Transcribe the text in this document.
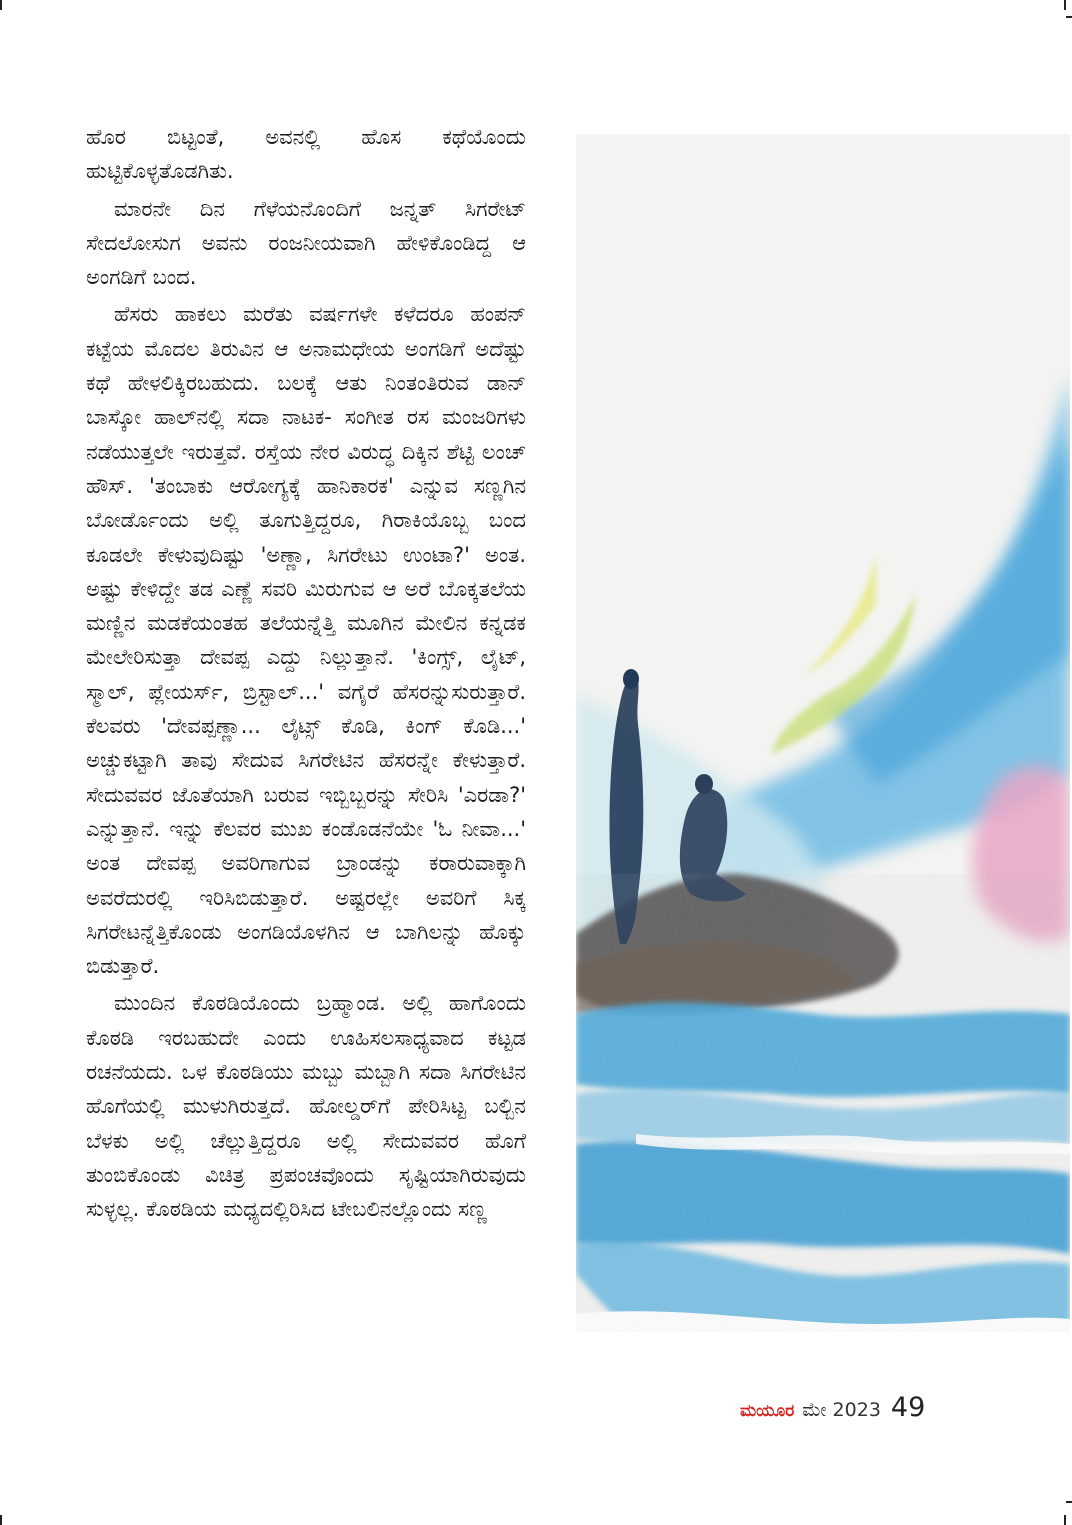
ಹೊರ ಬಿಟ್ಟಂತೆ, ಅವನಲ್ಲಿ ಹೊಸ ಕಥೆಯೊಂದು ಹುಟ್ಟಿಕೊಳ್ಳತೊಡಗಿತು.

ಮಾರನೇ ದಿನ ಗೆಳೆಯನೊಂದಿಗೆ ಜನ್ನತ್ ಸಿಗರೇಟ್ ಸೇದಲೋಸುಗ ಅವನು ರಂಜನೀಯವಾಗಿ ಹೇಳಿಕೊಂಡಿದ್ದ ಆ ಅಂಗಡಿಗೆ ಬಂದ.

ಹೆಸರು ಹಾಕಲು ಮರೆತು ವರ್ಷಗಳೇ ಕಳೆದರೂ ಹಂಪನ್ ಕಟ್ಟೆಯ ಮೊದಲ ತಿರುವಿನ ಆ ಅನಾಮಧೇಯ ಅಂಗಡಿಗೆ ಅದೆಷ್ಟು ಕಥೆ ಹೇಳಲಿಕ್ಕಿರಬಹುದು. ಬಲಕ್ಕೆ ಆತು ನಿಂತಂತಿರುವ ಡಾನ್ ಬಾಸ್ಕೋ ಹಾಲ್‌ನಲ್ಲಿ ಸದಾ ನಾಟಕ- ಸಂಗೀತ ರಸ ಮಂಜರಿಗಳು ನಡೆಯುತ್ತಲೇ ಇರುತ್ತವೆ. ರಸ್ತೆಯ ನೇರ ವಿರುದ್ಧ ದಿಕ್ಕಿನ ಶೆಟ್ಟಿ ಲಂಚ್ ಹೌಸ್. 'ತಂಬಾಕು ಆರೋಗ್ಯಕ್ಕೆ ಹಾನಿಕಾರಕ' ಎನ್ನುವ ಸಣ್ಣಗಿನ ಬೋರ್ಡೊಂದು ಅಲ್ಲಿ ತೂಗುತ್ತಿದ್ದರೂ, ಗಿರಾಕಿಯೊಬ್ಬ ಬಂದ ಕೂಡಲೇ ಕೇಳುವುದಿಷ್ಟು 'ಅಣ್ಣಾ, ಸಿಗರೇಟು ಉಂಟಾ?' ಅಂತ. ಅಷ್ಟು ಕೇಳಿದ್ದೇ ತಡ ಎಣ್ಣೆ ಸವರಿ ಮಿರುಗುವ ಆ ಅರೆ ಬೊಕ್ಕತಲೆಯ ಮಣ್ಣಿನ ಮಡಕೆಯಂತಹ ತಲೆಯನ್ನೆತ್ತಿ ಮೂಗಿನ ಮೇಲಿನ ಕನ್ನಡಕ ಮೇಲೇರಿಸುತ್ತಾ ದೇವಪ್ಪ ಎದ್ದು ನಿಲ್ಲುತ್ತಾನೆ. 'ಕಿಂಗ್ಸ್, ಲೈಟ್, ಸ್ಮಾಲ್, ಪ್ಲೇಯರ್ಸ್, ಬ್ರಿಸ್ಟಾಲ್...' ವಗೈರೆ ಹೆಸರನ್ನುಸುರುತ್ತಾರೆ. ಕೆಲವರು 'ದೇವಪ್ಪಣ್ಣಾ... ಲೈಟ್ಸ್ ಕೊಡಿ, ಕಿಂಗ್ ಕೊಡಿ...' ಅಚ್ಚುಕಟ್ಟಾಗಿ ತಾವು ಸೇದುವ ಸಿಗರೇಟಿನ ಹೆಸರನ್ನೇ ಕೇಳುತ್ತಾರೆ. ಸೇದುವವರ ಜೊತೆಯಾಗಿ ಬರುವ ಇಬ್ಬಿಬ್ಬರನ್ನು ಸೇರಿಸಿ 'ಎರಡಾ?' ಎನ್ನುತ್ತಾನೆ. ಇನ್ನು ಕೆಲವರ ಮುಖ ಕಂಡೊಡನೆಯೇ 'ಓ ನೀವಾ...' ಅಂತ ದೇವಪ್ಪ ಅವರಿಗಾಗುವ ಬ್ರಾಂಡನ್ನು ಕರಾರುವಾಕ್ಕಾಗಿ ಅವರೆದುರಲ್ಲಿ ಇರಿಸಿಬಿಡುತ್ತಾರೆ. ಅಷ್ಟರಲ್ಲೇ ಅವರಿಗೆ ಸಿಕ್ಕ ಸಿಗರೇಟನ್ನೆತ್ತಿಕೊಂಡು ಅಂಗಡಿಯೊಳಗಿನ ಆ ಬಾಗಿಲನ್ನು ಹೊಕ್ಕು ಬಿಡುತ್ತಾರೆ.

ಮುಂದಿನ ಕೊಠಡಿಯೊಂದು ಬ್ರಹ್ಮಾಂಡ. ಅಲ್ಲಿ ಹಾಗೊಂದು ಕೊಠಡಿ ಇರಬಹುದೇ ಎಂದು ಊಹಿಸಲಸಾಧ್ಯವಾದ ಕಟ್ಟಡ ರಚನೆಯದು. ಒಳ ಕೊಠಡಿಯು ಮಬ್ಬು ಮಬ್ಬಾಗಿ ಸದಾ ಸಿಗರೇಟಿನ ಹೊಗೆಯಲ್ಲಿ ಮುಳುಗಿರುತ್ತದೆ. ಹೋಲ್ಡರ್‌ಗೆ ಪೇರಿಸಿಟ್ಟ ಬಲ್ಬಿನ ಬೆಳಕು ಅಲ್ಲಿ ಚೆಲ್ಲುತ್ತಿದ್ದರೂ ಅಲ್ಲಿ ಸೇದುವವರ ಹೊಗೆ ತುಂಬಿಕೊಂಡು ವಿಚಿತ್ರ ಪ್ರಪಂಚವೊಂದು ಸೃಷ್ಟಿಯಾಗಿರುವುದು ಸುಳ್ಳಲ್ಲ. ಕೊಠಡಿಯ ಮಧ್ಯದಲ್ಲಿರಿಸಿದ ಟೇಬಲಿನಲ್ಲೊಂದು ಸಣ್ಣ

ಮಯೂರ ಮೇ 2023 49
